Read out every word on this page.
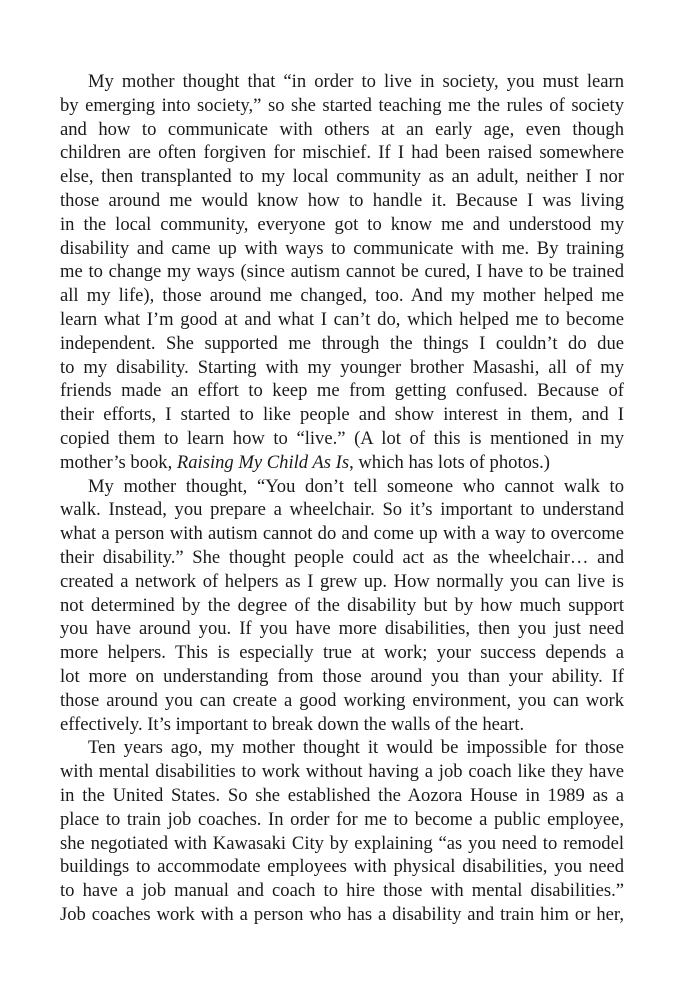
My mother thought that “in order to live in society, you must learn
by emerging into society,” so she started teaching me the rules of society
and how to communicate with others at an early age, even though
children are often forgiven for mischief. If I had been raised somewhere
else, then transplanted to my local community as an adult, neither I nor
those around me would know how to handle it. Because I was living
in the local community, everyone got to know me and understood my
disability and came up with ways to communicate with me. By training
me to change my ways (since autism cannot be cured, I have to be trained
all my life), those around me changed, too. And my mother helped me
learn what I’m good at and what I can’t do, which helped me to become
independent. She supported me through the things I couldn’t do due
to my disability. Starting with my younger brother Masashi, all of my
friends made an effort to keep me from getting confused. Because of
their efforts, I started to like people and show interest in them, and I
copied them to learn how to “live.” (A lot of this is mentioned in my
mother’s book, Raising My Child As Is, which has lots of photos.)
My mother thought, “You don’t tell someone who cannot walk to
walk. Instead, you prepare a wheelchair. So it’s important to understand
what a person with autism cannot do and come up with a way to overcome
their disability.” She thought people could act as the wheelchair… and
created a network of helpers as I grew up. How normally you can live is
not determined by the degree of the disability but by how much support
you have around you. If you have more disabilities, then you just need
more helpers. This is especially true at work; your success depends a
lot more on understanding from those around you than your ability. If
those around you can create a good working environment, you can work
effectively. It’s important to break down the walls of the heart.
Ten years ago, my mother thought it would be impossible for those
with mental disabilities to work without having a job coach like they have
in the United States. So she established the Aozora House in 1989 as a
place to train job coaches. In order for me to become a public employee,
she negotiated with Kawasaki City by explaining “as you need to remodel
buildings to accommodate employees with physical disabilities, you need
to have a job manual and coach to hire those with mental disabilities.”
Job coaches work with a person who has a disability and train him or her,
